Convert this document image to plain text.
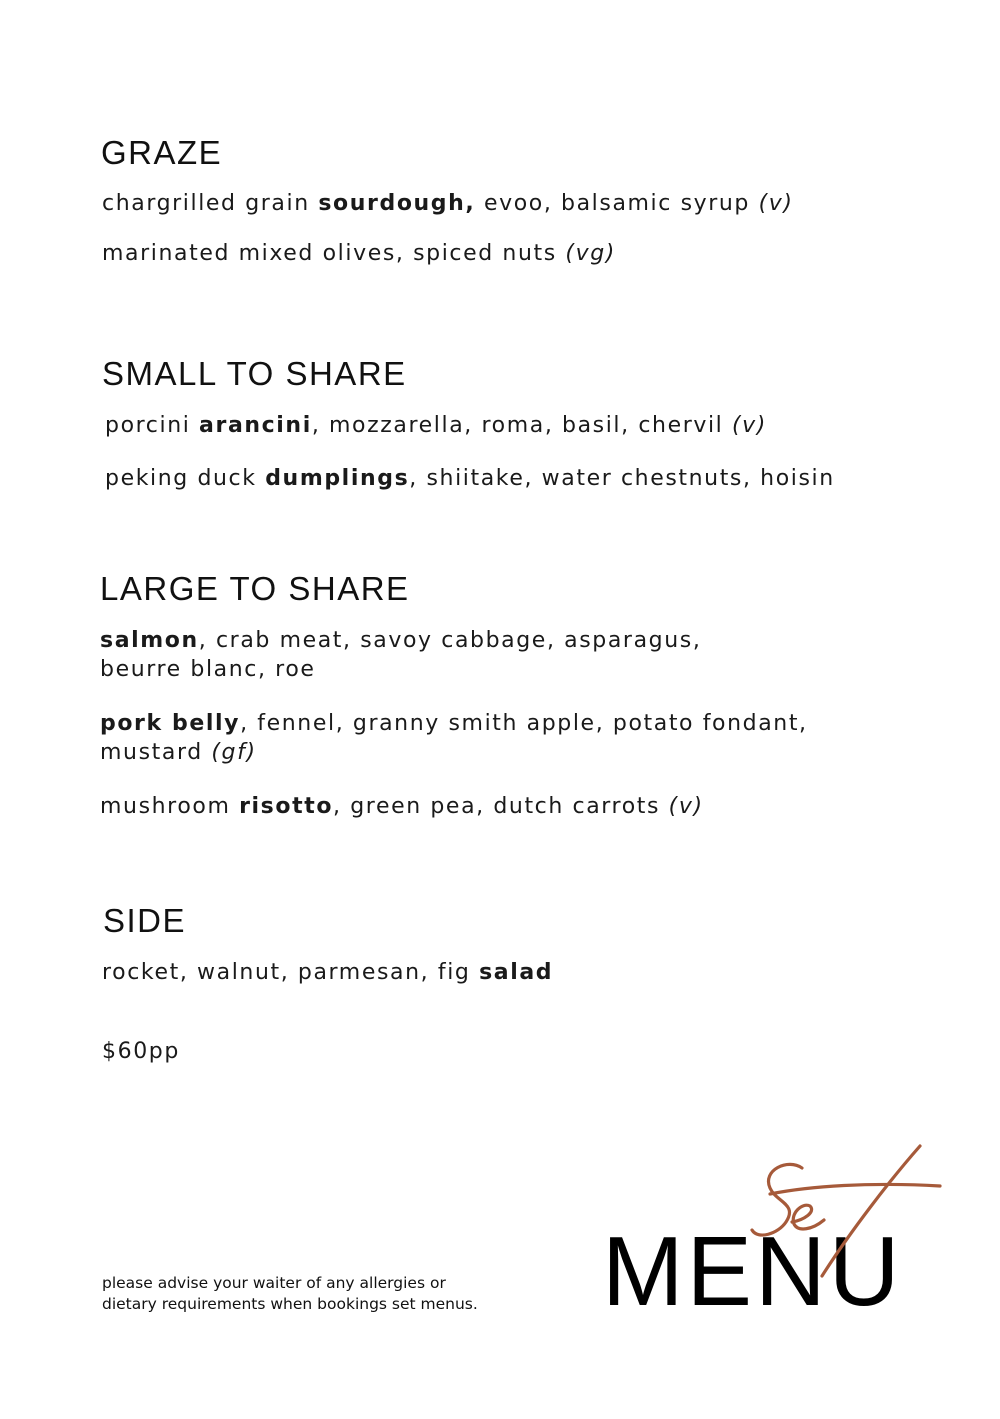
GRAZE

chargrilled grain sourdough, evoo, balsamic syrup (v)

marinated mixed olives, spiced nuts (vg)

SMALL TO SHARE

porcini arancini, mozzarella, roma, basil, chervil (v)

peking duck dumplings, shiitake, water chestnuts, hoisin

LARGE TO SHARE

salmon, crab meat, savoy cabbage, asparagus,
beurre blanc, roe

pork belly, fennel, granny smith apple, potato fondant,
mustard (gf)

mushroom risotto, green pea, dutch carrots (v)

SIDE

rocket, walnut, parmesan, fig salad

$60pp

please advise your waiter of any allergies or
dietary requirements when bookings set menus.	MENU
